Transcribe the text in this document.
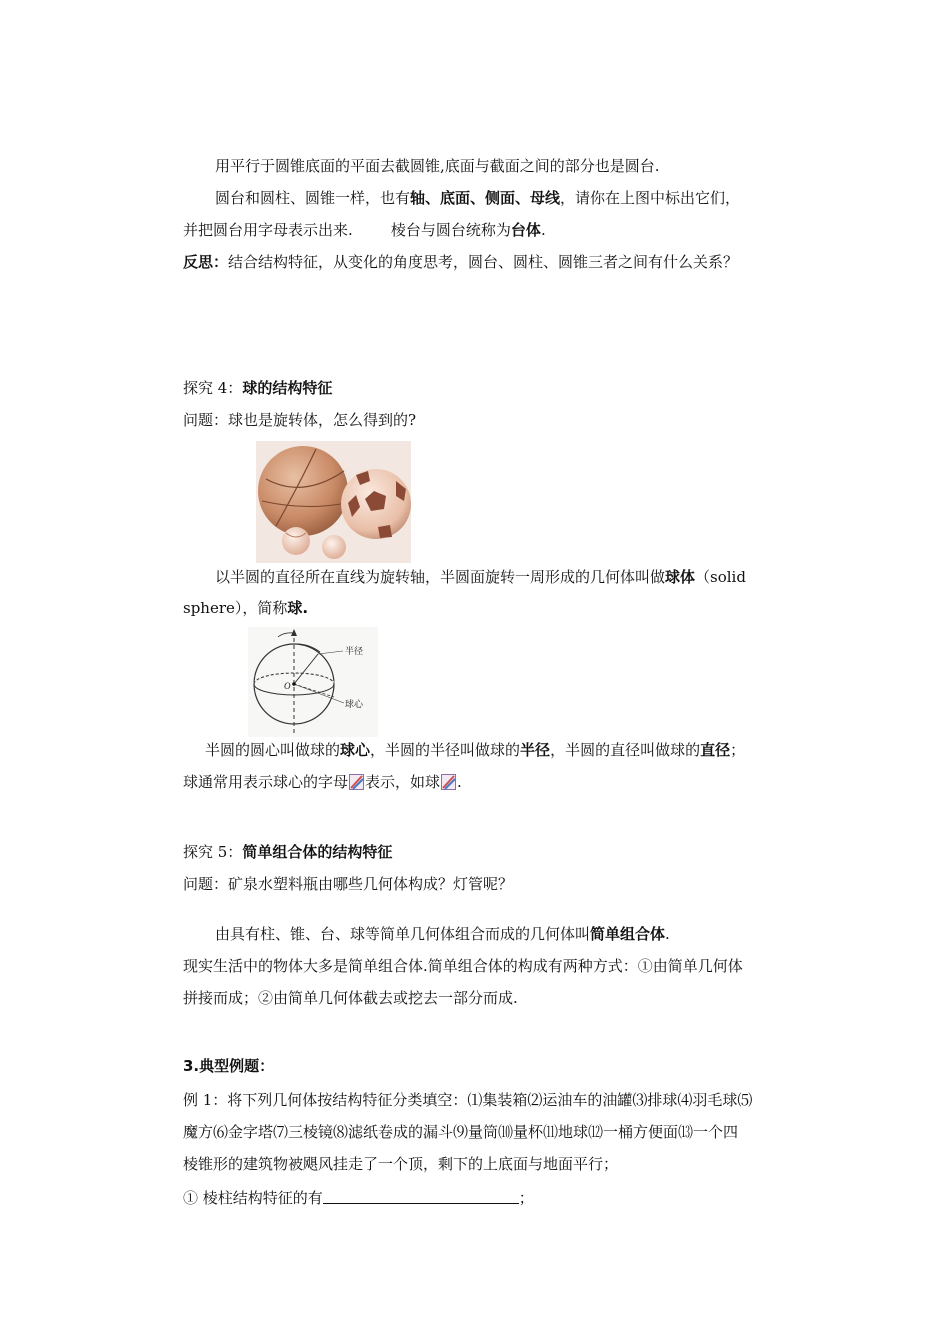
用平行于圆锥底面的平面去截圆锥,底面与截面之间的部分也是圆台.
圆台和圆柱、圆锥一样，也有轴、底面、侧面、母线，请你在上图中标出它们，
并把圆台用字母表示出来.        棱台与圆台统称为台体.
反思：结合结构特征，从变化的角度思考，圆台、圆柱、圆锥三者之间有什么关系？
探究 4：球的结构特征
问题：球也是旋转体，怎么得到的?
以半圆的直径所在直线为旋转轴，半圆面旋转一周形成的几何体叫做球体（solid
sphere），简称球.
O
半径
球心
半圆的圆心叫做球的球心，半圆的半径叫做球的半径，半圆的直径叫做球的直径；
球通常用表示球心的字母 表示，如球 .
探究 5：简单组合体的结构特征
问题：矿泉水塑料瓶由哪些几何体构成？灯管呢？
由具有柱、锥、台、球等简单几何体组合而成的几何体叫简单组合体.
现实生活中的物体大多是简单组合体.简单组合体的构成有两种方式：①由简单几何体
拼接而成；②由简单几何体截去或挖去一部分而成.
3.典型例题：
例 1：将下列几何体按结构特征分类填空：⑴集装箱⑵运油车的油罐⑶排球⑷羽毛球⑸
魔方⑹金字塔⑺三棱镜⑻滤纸卷成的漏斗⑼量筒⑽量杯⑾地球⑿一桶方便面⒀一个四
棱锥形的建筑物被飓风挂走了一个顶，剩下的上底面与地面平行；
① 棱柱结构特征的有	；
